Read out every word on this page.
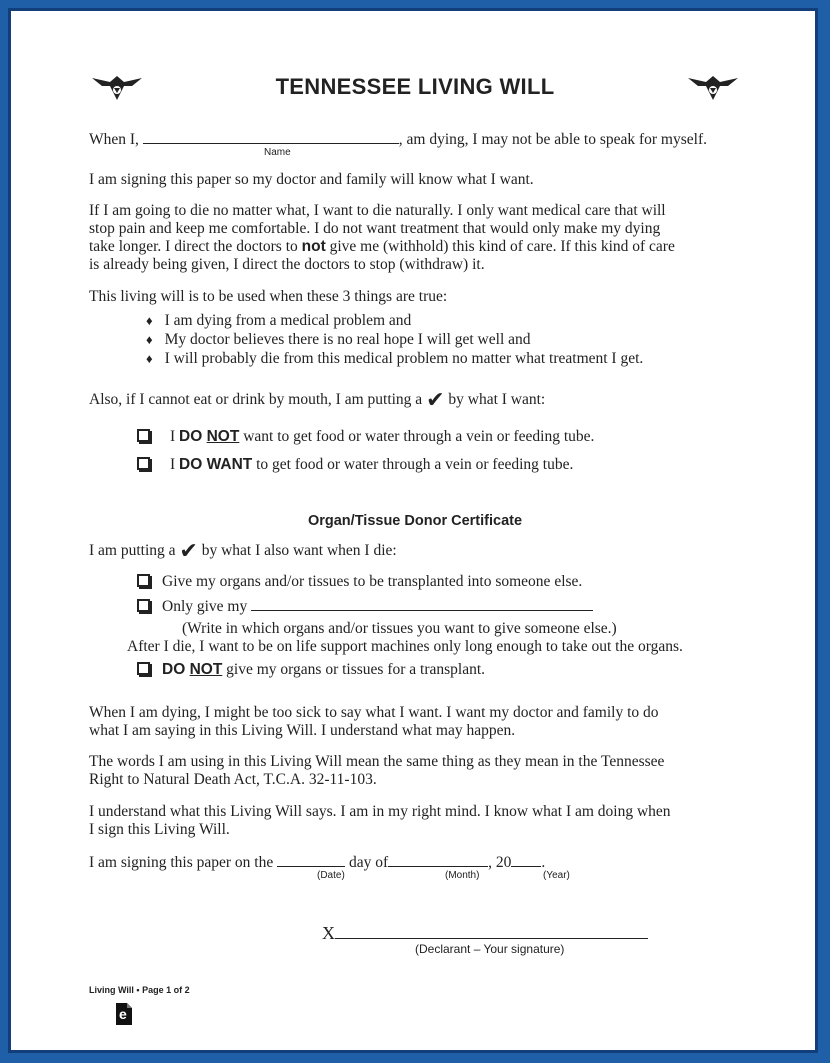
TENNESSEE LIVING WILL
When I,	, am dying, I may not be able to speak for myself.
Name
I am signing this paper so my doctor and family will know what I want.
If I am going to die no matter what, I want to die naturally. I only want medical care that will
stop pain and keep me comfortable. I do not want treatment that would only make my dying
take longer. I direct the doctors to not give me (withhold) this kind of care. If this kind of care
is already being given, I direct the doctors to stop (withdraw) it.
This living will is to be used when these 3 things are true:
♦ I am dying from a medical problem and
♦ My doctor believes there is no real hope I will get well and
♦ I will probably die from this medical problem no matter what treatment I get.
Also, if I cannot eat or drink by mouth, I am putting a ✔ by what I want:
I DO NOT want to get food or water through a vein or feeding tube.
I DO WANT to get food or water through a vein or feeding tube.
Organ/Tissue Donor Certificate
I am putting a ✔ by what I also want when I die:
Give my organs and/or tissues to be transplanted into someone else.
Only give my
(Write in which organs and/or tissues you want to give someone else.)
After I die, I want to be on life support machines only long enough to take out the organs.
DO NOT give my organs or tissues for a transplant.
When I am dying, I might be too sick to say what I want. I want my doctor and family to do
what I am saying in this Living Will. I understand what may happen.
The words I am using in this Living Will mean the same thing as they mean in the Tennessee
Right to Natural Death Act, T.C.A. 32-11-103.
I understand what this Living Will says. I am in my right mind. I know what I am doing when
I sign this Living Will.
I am signing this paper on the	day of	, 20 .
(Date)	(Month)	(Year)
X
(Declarant – Your signature)
Living Will • Page 1 of 2
e
